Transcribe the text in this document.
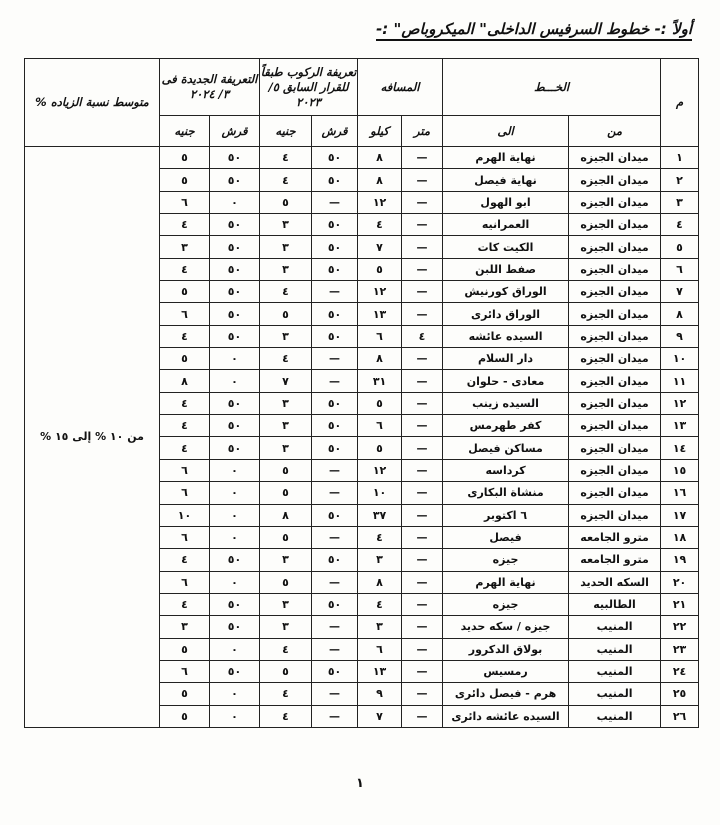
أولاً :- خطوط السرفيس الداخلى" الميكروباص" :-
م	الخـــط		المسافه		تعريفة الركوب طبقاً للقرار السابق ٥/ ٢٠٢٣		التعريفة الجديدة فى ٣/ ٢٠٢٤		متوسط نسبة الزياده %
	من	الى	متر	كيلو	قرش	جنيه	قرش	جنيه	
١	ميدان الجيزه	نهاية الهرم	—	٨	٥٠	٤	٥٠	٥	من ١٠ % إلى ١٥ %
٢	ميدان الجيزه	نهاية فيصل	—	٨	٥٠	٤	٥٠	٥	
٣	ميدان الجيزه	ابو الهول	—	١٢	—	٥	٠	٦	
٤	ميدان الجيزه	العمرانيه	—	٤	٥٠	٣	٥٠	٤	
٥	ميدان الجيزه	الكيت كات	—	٧	٥٠	٣	٥٠	٣	
٦	ميدان الجيزه	صفط اللبن	—	٥	٥٠	٣	٥٠	٤	
٧	ميدان الجيزه	الوراق كورنيش	—	١٢	—	٤	٥٠	٥	
٨	ميدان الجيزه	الوراق دائرى	—	١٣	٥٠	٥	٥٠	٦	
٩	ميدان الجيزه	السيده عائشه	٤	٦	٥٠	٣	٥٠	٤	
١٠	ميدان الجيزه	دار السلام	—	٨	—	٤	٠	٥	
١١	ميدان الجيزه	معادى - حلوان	—	٣١	—	٧	٠	٨	
١٢	ميدان الجيزه	السيده زينب	—	٥	٥٠	٣	٥٠	٤	
١٣	ميدان الجيزه	كفر طهرمس	—	٦	٥٠	٣	٥٠	٤	
١٤	ميدان الجيزه	مساكن فيصل	—	٥	٥٠	٣	٥٠	٤	
١٥	ميدان الجيزه	كرداسه	—	١٢	—	٥	٠	٦	
١٦	ميدان الجيزه	منشاة البكارى	—	١٠	—	٥	٠	٦	
١٧	ميدان الجيزه	٦ اكتوبر	—	٣٧	٥٠	٨	٠	١٠	
١٨	مترو الجامعه	فيصل	—	٤	—	٥	٠	٦	
١٩	مترو الجامعه	جيزه	—	٣	٥٠	٣	٥٠	٤	
٢٠	السكه الحديد	نهاية الهرم	—	٨	—	٥	٠	٦	
٢١	الطالبيه	جيزه	—	٤	٥٠	٣	٥٠	٤	
٢٢	المنيب	جيزه / سكه حديد	—	٣	—	٣	٥٠	٣	
٢٣	المنيب	بولاق الدكرور	—	٦	—	٤	٠	٥	
٢٤	المنيب	رمسيس	—	١٣	٥٠	٥	٥٠	٦	
٢٥	المنيب	هرم - فيصل دائرى	—	٩	—	٤	٠	٥	
٢٦	المنيب	السيده عائشه دائرى	—	٧	—	٤	٠	٥	
١
